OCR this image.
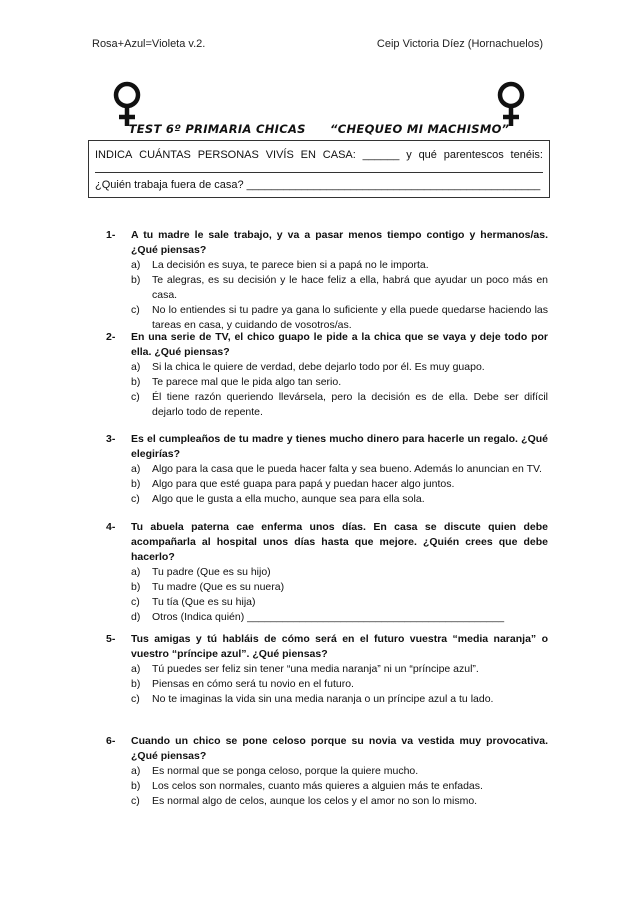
Rosa+Azul=Violeta v.2.	Ceip Victoria Díez (Hornachuelos)
TEST 6º PRIMARIA CHICAS “CHEQUEO MI MACHISMO”
INDICA CUÁNTAS PERSONAS VIVÍS EN CASA: ______ y qué parentescos tenéis:
¿Quién trabaja fuera de casa? ________________________________________________
1-	A tu madre le sale trabajo, y va a pasar menos tiempo contigo y hermanos/as. ¿Qué piensas?
a)	La decisión es suya, te parece bien si a papá no le importa.
b)	Te alegras, es su decisión y le hace feliz a ella, habrá que ayudar un poco más en casa.
c)	No lo entiendes si tu padre ya gana lo suficiente y ella puede quedarse haciendo las tareas en casa, y cuidando de vosotros/as.
2-	En una serie de TV, el chico guapo le pide a la chica que se vaya y deje todo por ella. ¿Qué piensas?
a)	Si la chica le quiere de verdad, debe dejarlo todo por él. Es muy guapo.
b)	Te parece mal que le pida algo tan serio.
c)	Él tiene razón queriendo llevársela, pero la decisión es de ella. Debe ser difícil dejarlo todo de repente.
3-	Es el cumpleaños de tu madre y tienes mucho dinero para hacerle un regalo. ¿Qué elegirías?
a)	Algo para la casa que le pueda hacer falta y sea bueno. Además lo anuncian en TV.
b)	Algo para que esté guapa para papá y puedan hacer algo juntos.
c)	Algo que le gusta a ella mucho, aunque sea para ella sola.
4-	Tu abuela paterna cae enferma unos días. En casa se discute quien debe acompañarla al hospital unos días hasta que mejore. ¿Quién crees que debe hacerlo?
a)	Tu padre (Que es su hijo)
b)	Tu madre (Que es su nuera)
c)	Tu tía (Que es su hija)
d)	Otros (Indica quién) ____________________________________________
5-	Tus amigas y tú habláis de cómo será en el futuro vuestra “media naranja” o vuestro “príncipe azul”. ¿Qué piensas?
a)	Tú puedes ser feliz sin tener “una media naranja” ni un “príncipe azul”.
b)	Piensas en cómo será tu novio en el futuro.
c)	No te imaginas la vida sin una media naranja o un príncipe azul a tu lado.
6-	Cuando un chico se pone celoso porque su novia va vestida muy provocativa. ¿Qué piensas?
a)	Es normal que se ponga celoso, porque la quiere mucho.
b)	Los celos son normales, cuanto más quieres a alguien más te enfadas.
c)	Es normal algo de celos, aunque los celos y el amor no son lo mismo.
